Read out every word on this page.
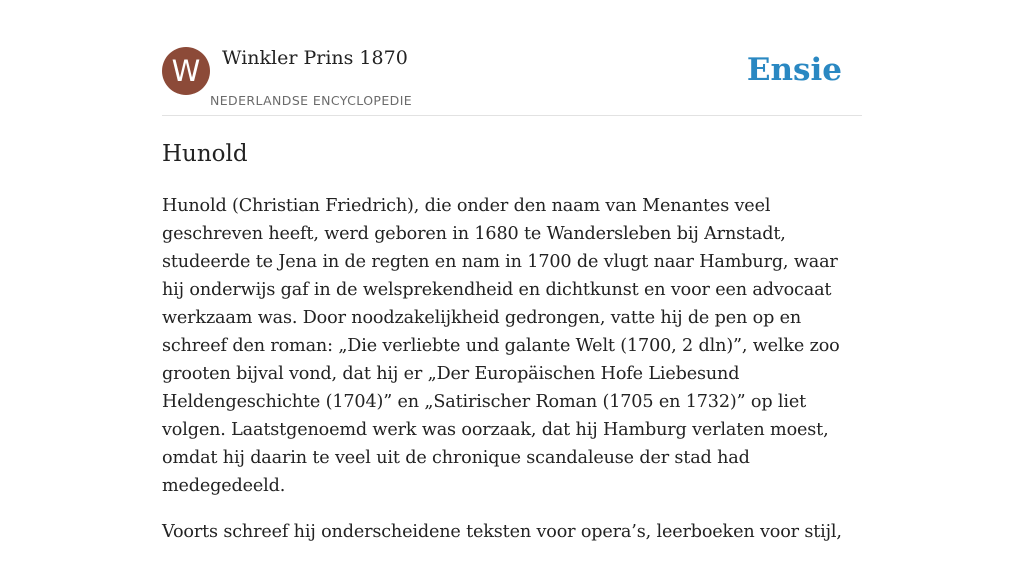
W	Winkler Prins 1870
NEDERLANDSE ENCYCLOPEDIE
Ensie
Hunold

Hunold (Christian Friedrich), die onder den naam van Menantes veel geschreven heeft, werd geboren in 1680 te Wandersleben bij Arnstadt, studeerde te Jena in de regten en nam in 1700 de vlugt naar Hamburg, waar hij onderwijs gaf in de welsprekendheid en dichtkunst en voor een advocaat werkzaam was. Door noodzakelijkheid gedrongen, vatte hij de pen op en schreef den roman: „Die verliebte und galante Welt (1700, 2 dln)”, welke zoo grooten bijval vond, dat hij er „Der Europäischen Hofe Liebesund Heldengeschichte (1704)” en „Satirischer Roman (1705 en 1732)” op liet volgen. Laatstgenoemd werk was oorzaak, dat hij Hamburg verlaten moest, omdat hij daarin te veel uit de chronique scandaleuse der stad had medegedeeld.

Voorts schreef hij onderscheidene teksten voor opera’s, leerboeken voor stijl,
